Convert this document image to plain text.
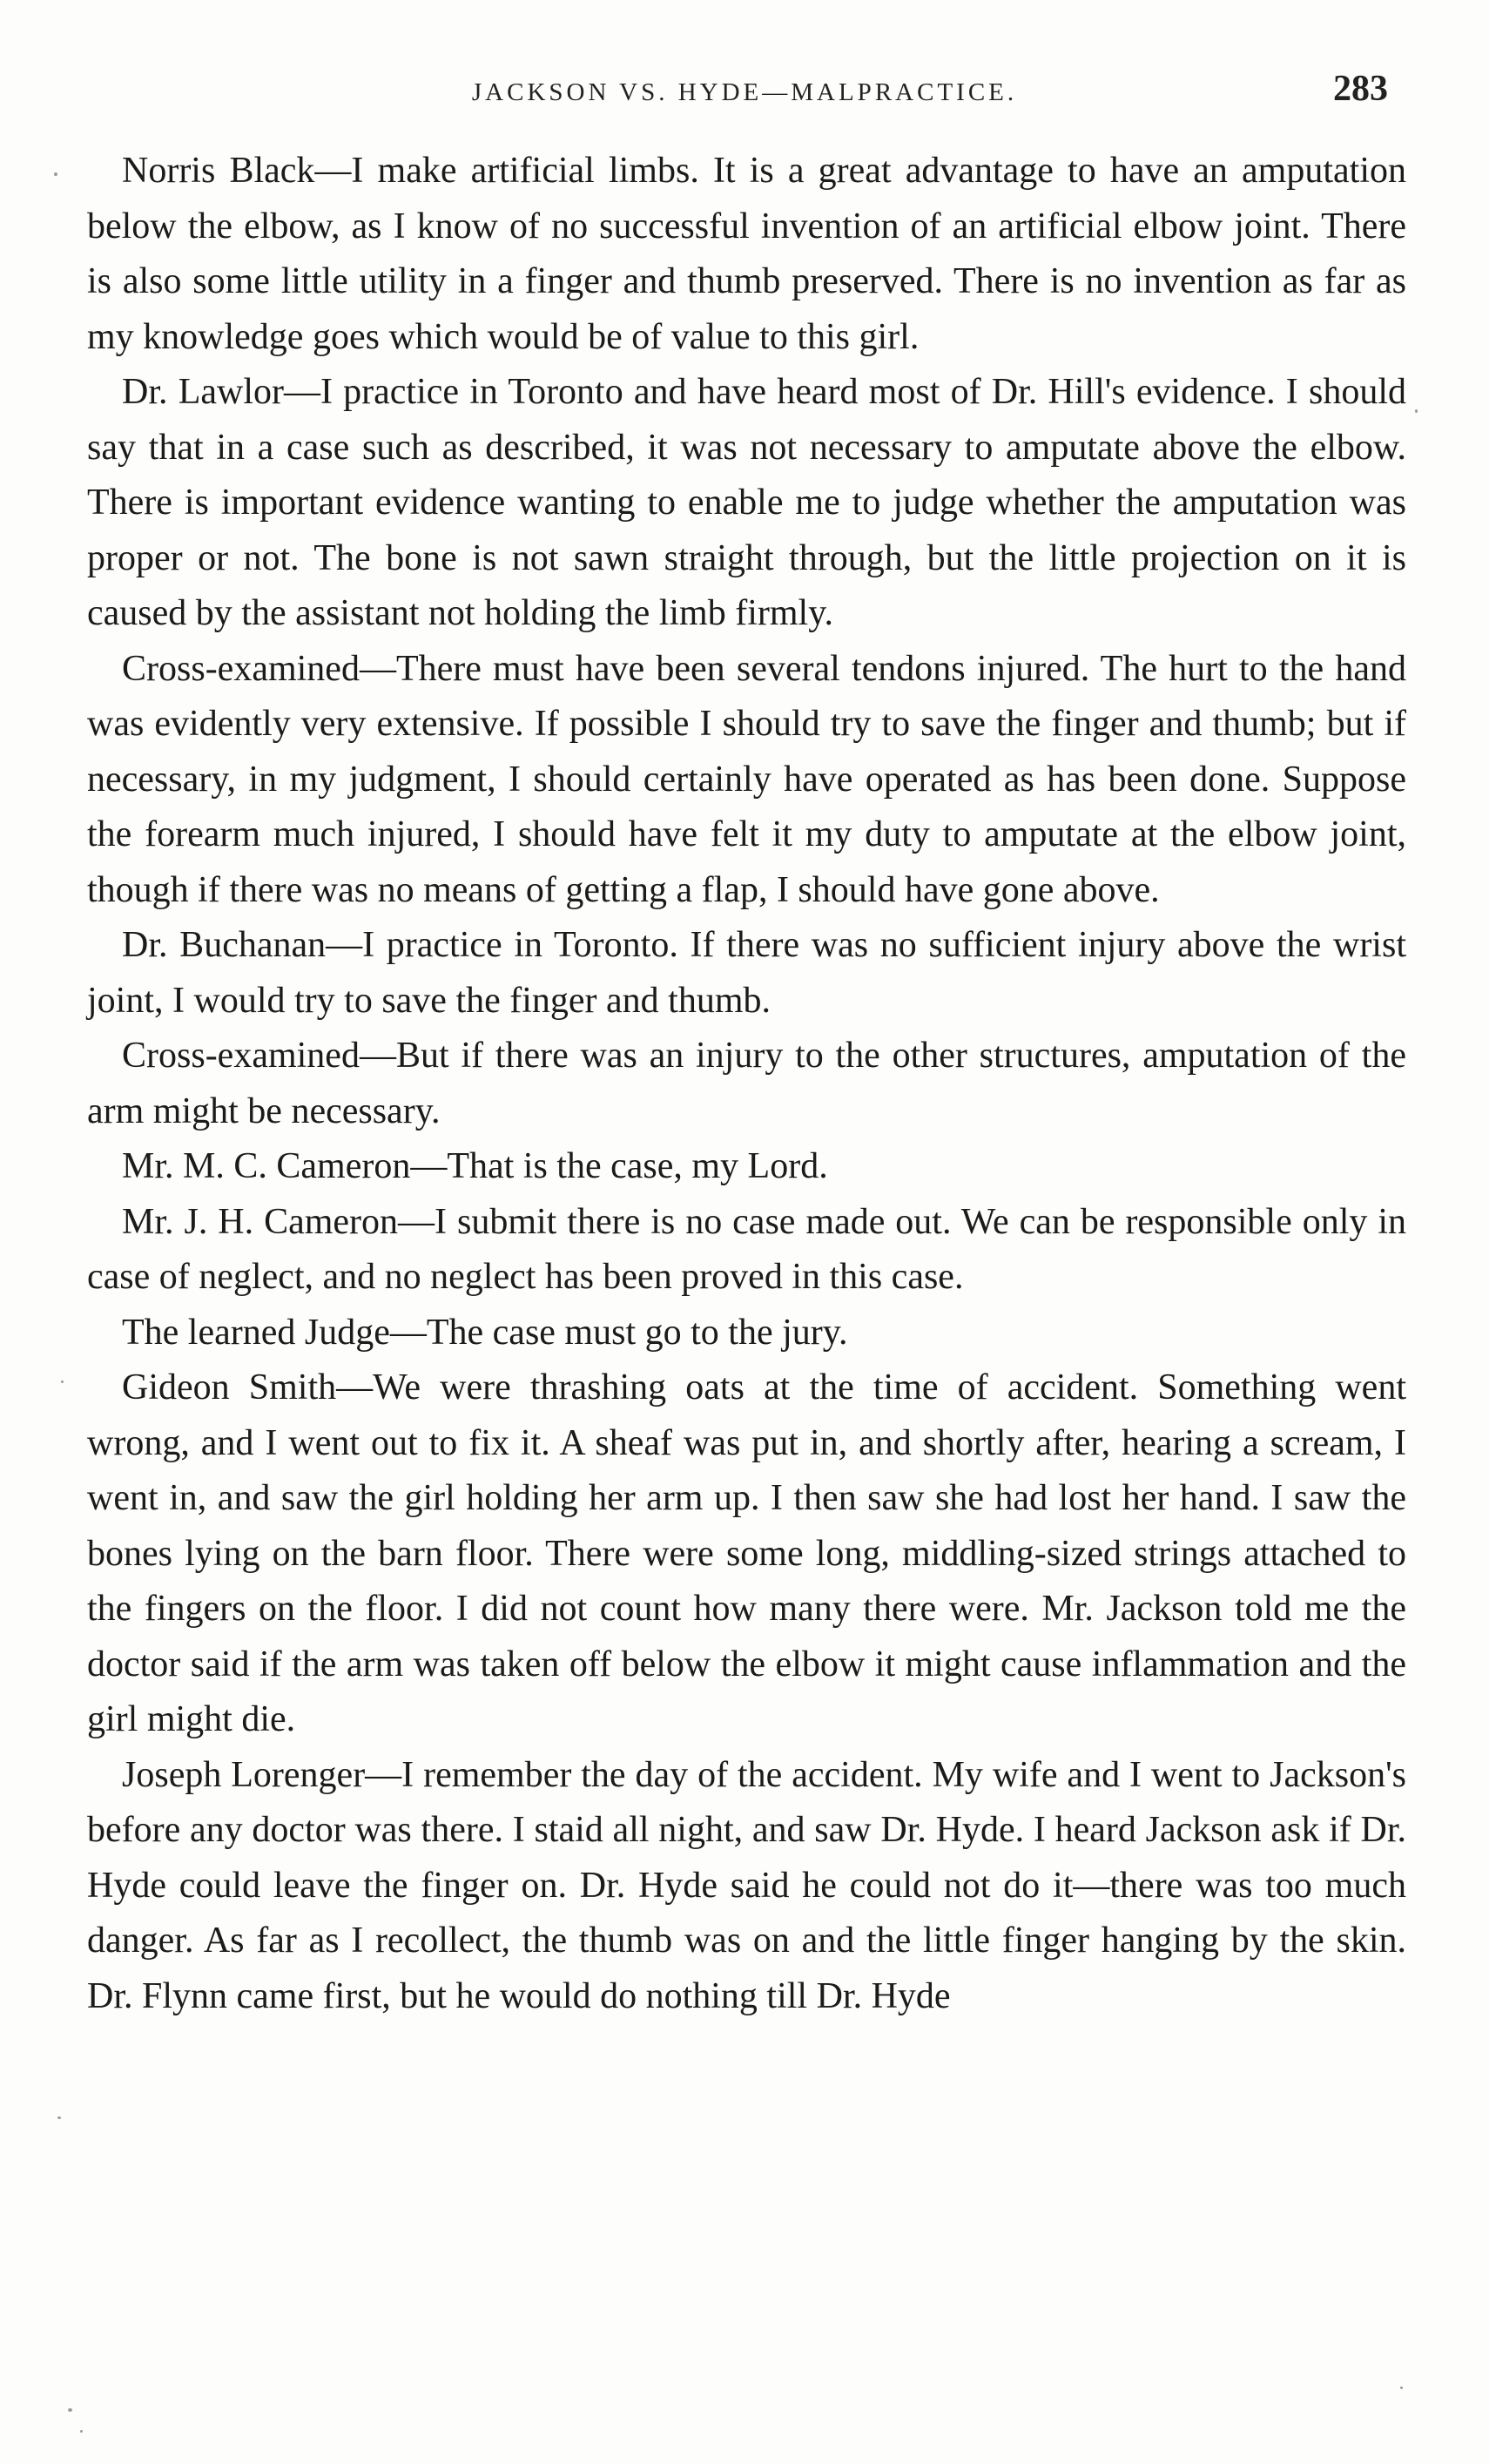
JACKSON VS. HYDE—MALPRACTICE.	283

Norris Black—I make artificial limbs. It is a great advantage to have an amputation below the elbow, as I know of no successful invention of an artificial elbow joint. There is also some little utility in a finger and thumb preserved. There is no invention as far as my knowledge goes which would be of value to this girl.

Dr. Lawlor—I practice in Toronto and have heard most of Dr. Hill's evidence. I should say that in a case such as described, it was not necessary to amputate above the elbow. There is important evidence wanting to enable me to judge whether the amputation was proper or not. The bone is not sawn straight through, but the little projection on it is caused by the assistant not holding the limb firmly.

Cross-examined—There must have been several tendons injured. The hurt to the hand was evidently very extensive. If possible I should try to save the finger and thumb; but if necessary, in my judgment, I should certainly have operated as has been done. Suppose the forearm much injured, I should have felt it my duty to amputate at the elbow joint, though if there was no means of getting a flap, I should have gone above.

Dr. Buchanan—I practice in Toronto. If there was no sufficient injury above the wrist joint, I would try to save the finger and thumb.

Cross-examined—But if there was an injury to the other structures, amputation of the arm might be necessary.

Mr. M. C. Cameron—That is the case, my Lord.

Mr. J. H. Cameron—I submit there is no case made out. We can be responsible only in case of neglect, and no neglect has been proved in this case.

The learned Judge—The case must go to the jury.

Gideon Smith—We were thrashing oats at the time of accident. Something went wrong, and I went out to fix it. A sheaf was put in, and shortly after, hearing a scream, I went in, and saw the girl holding her arm up. I then saw she had lost her hand. I saw the bones lying on the barn floor. There were some long, middling-sized strings attached to the fingers on the floor. I did not count how many there were. Mr. Jackson told me the doctor said if the arm was taken off below the elbow it might cause inflammation and the girl might die.

Joseph Lorenger—I remember the day of the accident. My wife and I went to Jackson's before any doctor was there. I staid all night, and saw Dr. Hyde. I heard Jackson ask if Dr. Hyde could leave the finger on. Dr. Hyde said he could not do it—there was too much danger. As far as I recollect, the thumb was on and the little finger hanging by the skin. Dr. Flynn came first, but he would do nothing till Dr. Hyde
